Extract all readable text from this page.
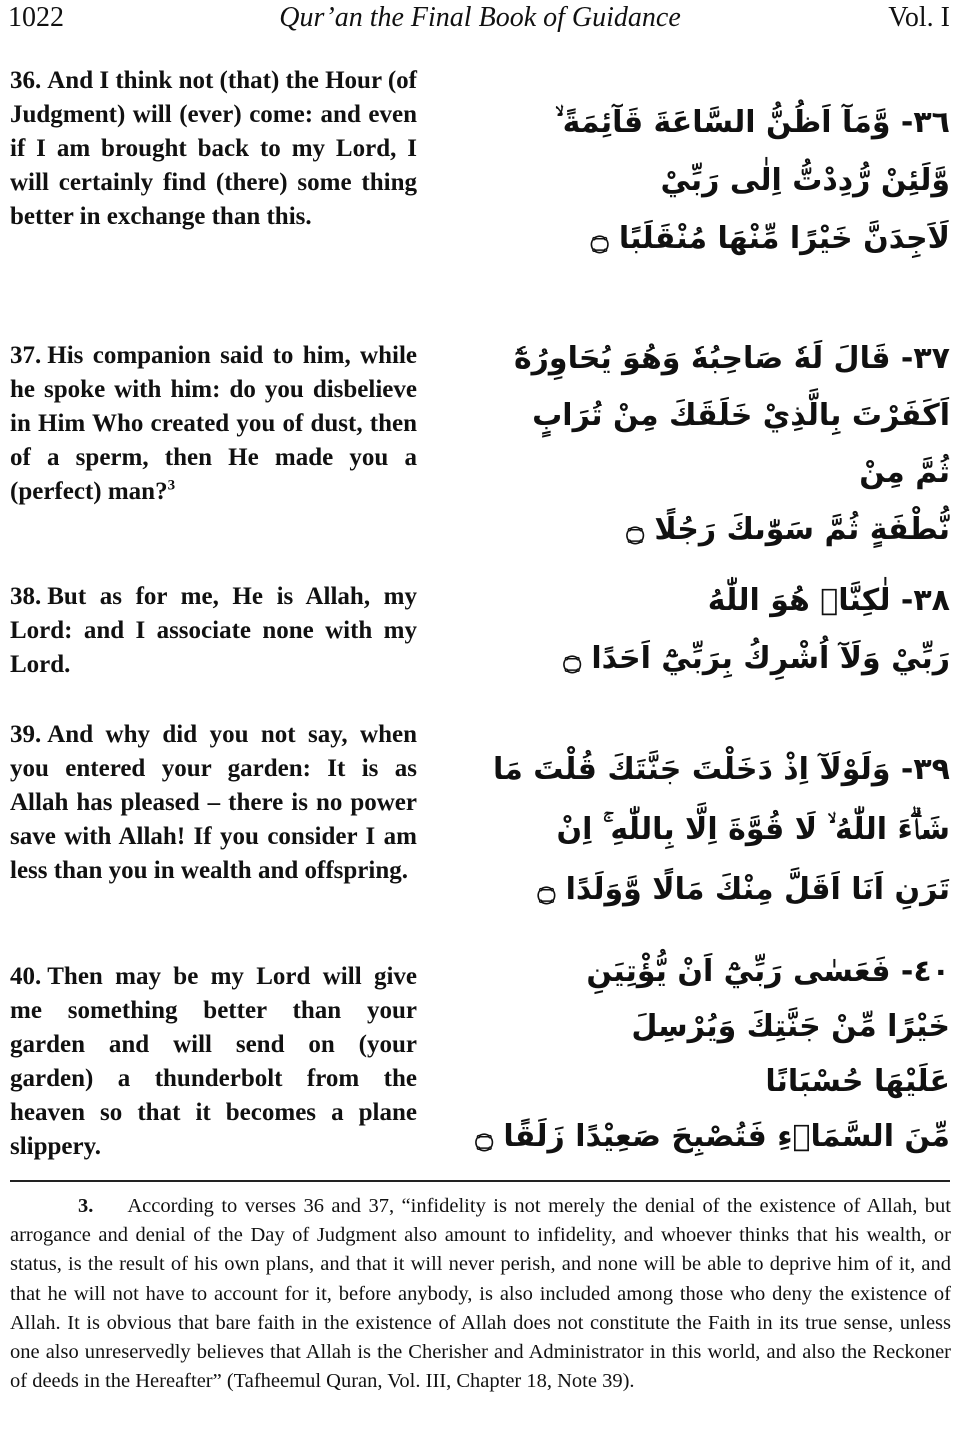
1022	Qur’an the Final Book of Guidance	Vol. I

36. And I think not (that) the Hour (of Judgment) will (ever) come: and even if I am brought back to my Lord, I will certainly find (there) some thing better in exchange than this.

٣٦- وَّمَآ اَظُنُّ السَّاعَةَ قَآئِمَةً ۙ
وَّلَئِنْ رُّدِدْتُّ اِلٰى رَبِّيْ
لَاَجِدَنَّ خَيْرًا مِّنْهَا مُنْقَلَبًا ۝

37. His companion said to him, while he spoke with him: do you disbelieve in Him Who created you of dust, then of a sperm, then He made you a (perfect) man?$^3$

٣٧- قَالَ لَهٗ صَاحِبُهٗ وَهُوَ يُحَاوِرُهٗٓ
اَكَفَرْتَ بِالَّذِيْ خَلَقَكَ مِنْ تُرَابٍ
ثُمَّ مِنْ
نُّطْفَةٍ ثُمَّ سَوّٰىكَ رَجُلًا ۝

38. But as for me, He is Allah, my Lord: and I associate none with my Lord.

٣٨- لٰكِنَّا۠ هُوَ اللّٰهُ
رَبِّيْ وَلَآ اُشْرِكُ بِرَبِّيْٓ اَحَدًا ۝

39. And why did you not say, when you entered your garden: It is as Allah has pleased – there is no power save with Allah! If you consider I am less than you in wealth and offspring.

٣٩- وَلَوْلَآ اِذْ دَخَلْتَ جَنَّتَكَ قُلْتَ مَا
شَاۗءَ اللّٰهُ ۙ لَا قُوَّةَ اِلَّا بِاللّٰهِ ۚ اِنْ
تَرَنِ اَنَا اَقَلَّ مِنْكَ مَالًا وَّوَلَدًا ۝

40. Then may be my Lord will give me something better than your garden and will send on (your garden) a thunderbolt from the heaven so that it becomes a plane slippery.

٤٠- فَعَسٰى رَبِّيْٓ اَنْ يُّؤْتِيَنِ
خَيْرًا مِّنْ جَنَّتِكَ وَيُرْسِلَ
عَلَيْهَا حُسْبَانًا
مِّنَ السَّمَاۗءِ فَتُصْبِحَ صَعِيْدًا زَلَقًا ۝

3. According to verses 36 and 37, “infidelity is not merely the denial of the existence of Allah, but arrogance and denial of the Day of Judgment also amount to infidelity, and whoever thinks that his wealth, or status, is the result of his own plans, and that it will never perish, and none will be able to deprive him of it, and that he will not have to account for it, before anybody, is also included among those who deny the existence of Allah. It is obvious that bare faith in the existence of Allah does not constitute the Faith in its true sense, unless one also unreservedly believes that Allah is the Cherisher and Administrator in this world, and also the Reckoner of deeds in the Hereafter” (Tafheemul Quran, Vol. III, Chapter 18, Note 39).
